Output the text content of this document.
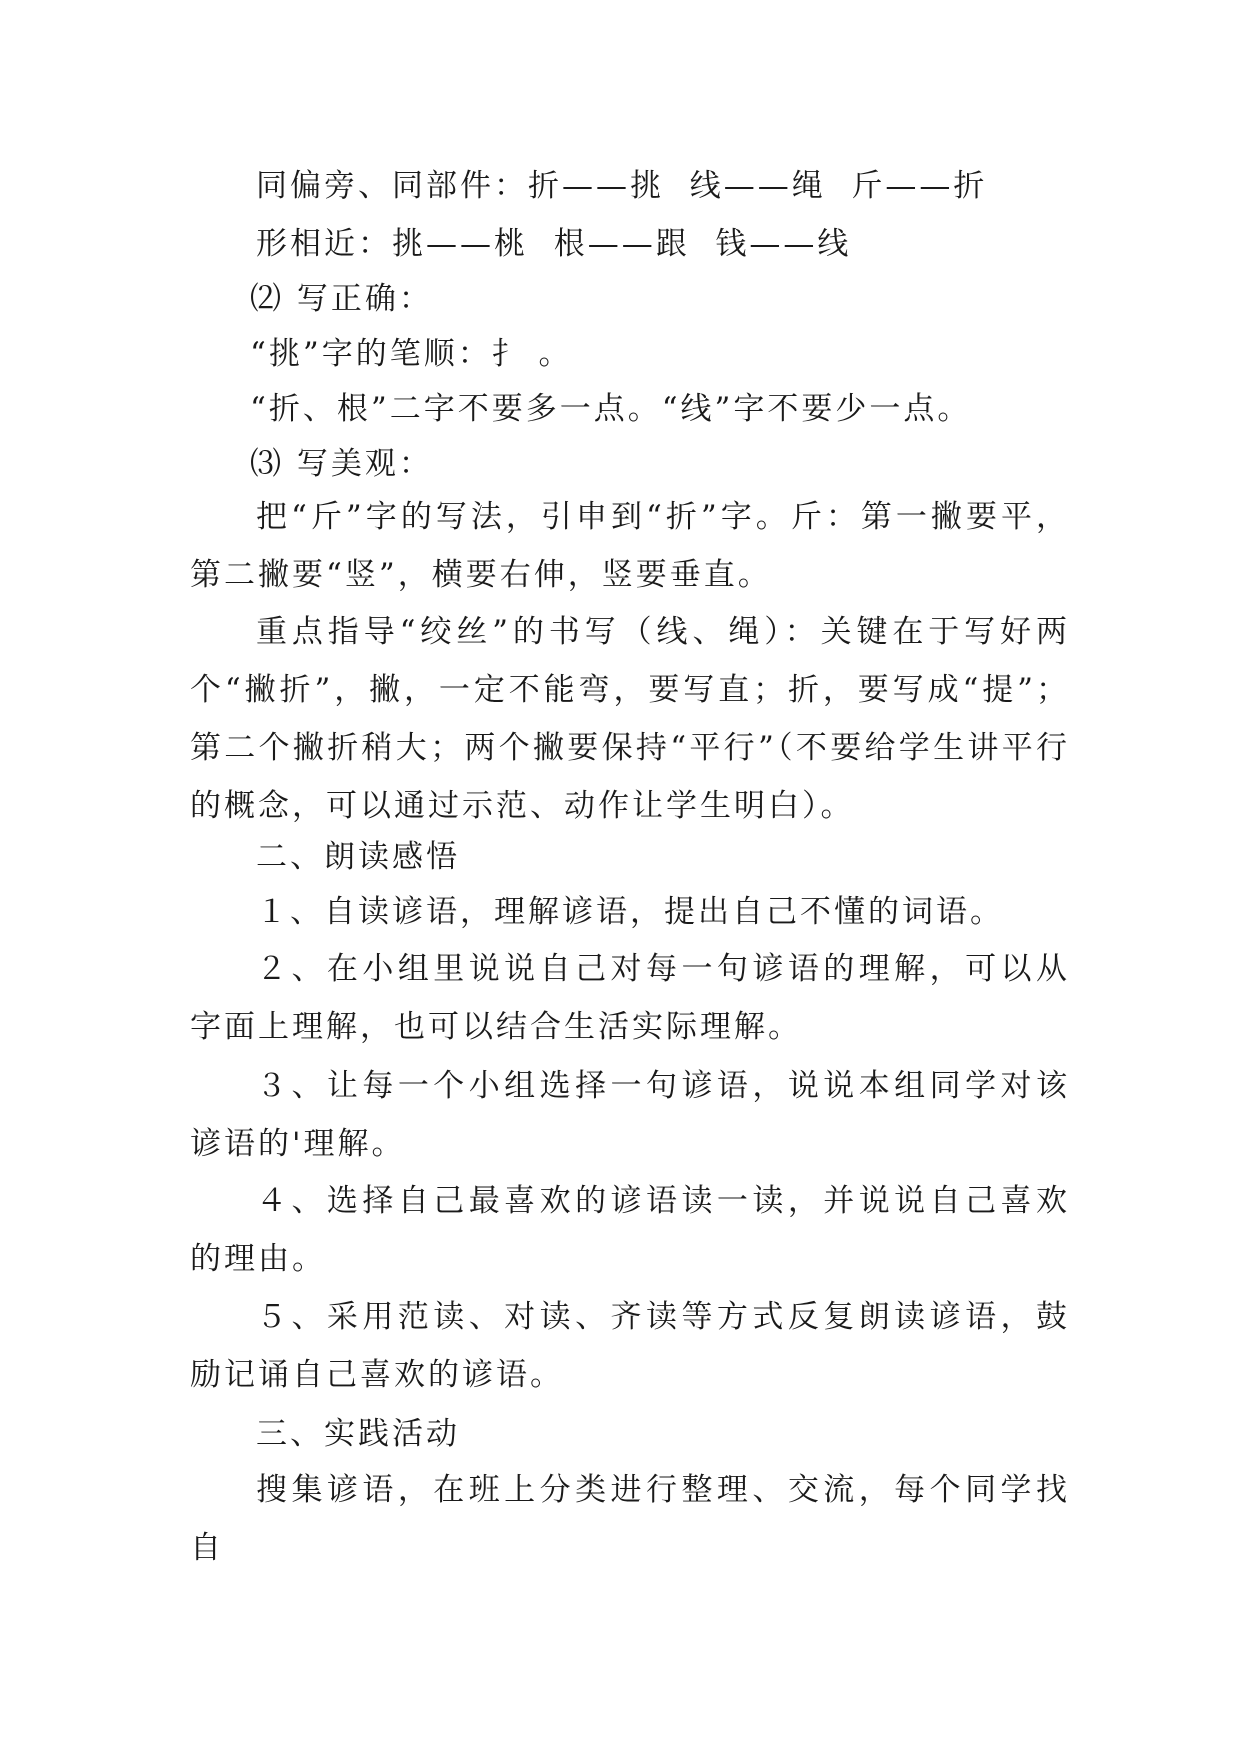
同偏旁、同部件：折——挑  线——绳  斤——折

形相近：挑——桃  根——跟  钱——线

⑵ 写正确：

“挑”字的笔顺：扌 。

“折、根”二字不要多一点。“线”字不要少一点。

⑶ 写美观：

把“斤”字的写法，引申到“折”字。斤：第一撇要平，第二撇要“竖”，横要右伸，竖要垂直。

重点指导“绞丝”的书写（线、绳）：关键在于写好两个“撇折”，撇，一定不能弯，要写直；折，要写成“提”；第二个撇折稍大；两个撇要保持“平行”（不要给学生讲平行的概念，可以通过示范、动作让学生明白）。

二、朗读感悟

１、自读谚语，理解谚语，提出自己不懂的词语。

２、在小组里说说自己对每一句谚语的理解，可以从字面上理解，也可以结合生活实际理解。

３、让每一个小组选择一句谚语，说说本组同学对该谚语的'理解。

４、选择自己最喜欢的谚语读一读，并说说自己喜欢的理由。

５、采用范读、对读、齐读等方式反复朗读谚语，鼓励记诵自己喜欢的谚语。

三、实践活动

搜集谚语，在班上分类进行整理、交流，每个同学找自
